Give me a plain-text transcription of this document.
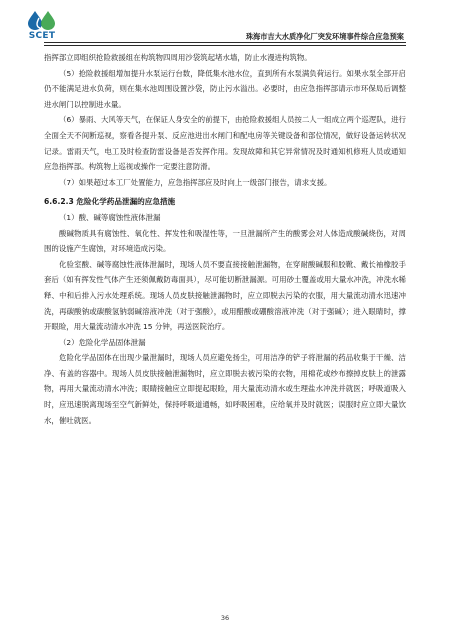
SCET	珠海市吉大水质净化厂突发环境事件综合应急预案

指挥部立即组织抢险救援组在构筑物四周用沙袋筑起堵水墙，防止水漫进构筑物。

（5）抢险救援组增加提升水泵运行台数，降低集水池水位，直到所有水泵满负荷运行。如果水泵全部开启仍不能满足进水负荷，则在集水池周围设置沙袋，防止污水溢出。必要时，由应急指挥部请示市环保局后调整进水闸门以控制进水量。

（6）暴雨、大风等天气，在保证人身安全的前提下，由抢险救援组人员按二人一组成立两个巡逻队，进行全面全天不间断巡视，察看各提升泵、反应池进出水闸门和配电房等关键设备和部位情况，做好设备运转状况记录。雷雨天气，电工及时检查防雷设备是否发挥作用。发现故障和其它异常情况及时通知机修班人员或通知应急指挥部。构筑物上巡视或操作一定要注意防滑。

（7）如果超过本工厂处置能力，应急指挥部应及时向上一级部门报告，请求支援。

6.6.2.3 危险化学药品泄漏的应急措施

（1）酸、碱等腐蚀性液体泄漏

酸碱物质具有腐蚀性、氧化性、挥发性和吸湿性等，一旦泄漏所产生的酸雾会对人体造成酸碱烧伤，对周围的设施产生腐蚀，对环境造成污染。

化验室酸、碱等腐蚀性液体泄漏时，现场人员不要直接接触泄漏物，在穿耐酸碱服和胶靴、戴长袖橡胶手套后（如有挥发性气体产生还须佩戴防毒面具），尽可能切断泄漏源。可用砂土覆盖或用大量水冲洗，冲洗水稀释、中和后排入污水处理系统。现场人员皮肤接触泄漏物时，应立即脱去污染的衣服，用大量流动清水迅速冲洗，再碳酸钠或碳酸氢钠弱碱溶液冲洗（对于强酸），或用醋酸或硼酸溶液冲洗（对于强碱）；进入眼睛时，撑开眼睑，用大量流动清水冲洗 15 分钟，再送医院治疗。

（2）危险化学品固体泄漏

危险化学品固体在出现少量泄漏时，现场人员应避免扬尘，可用洁净的铲子将泄漏的药品收集于干燥、洁净、有盖的容器中。现场人员皮肤接触泄漏物时，应立即脱去被污染的衣物，用棉花或纱布擦掉皮肤上的泄露物，再用大量流动清水冲洗；眼睛接触应立即提起眼睑，用大量流动清水或生理盐水冲洗并就医；呼吸道吸入时，应迅速脱离现场至空气新鲜处，保持呼吸道通畅，如呼吸困难，应给氧并及时就医；误服时应立即大量饮水，催吐就医。

36
